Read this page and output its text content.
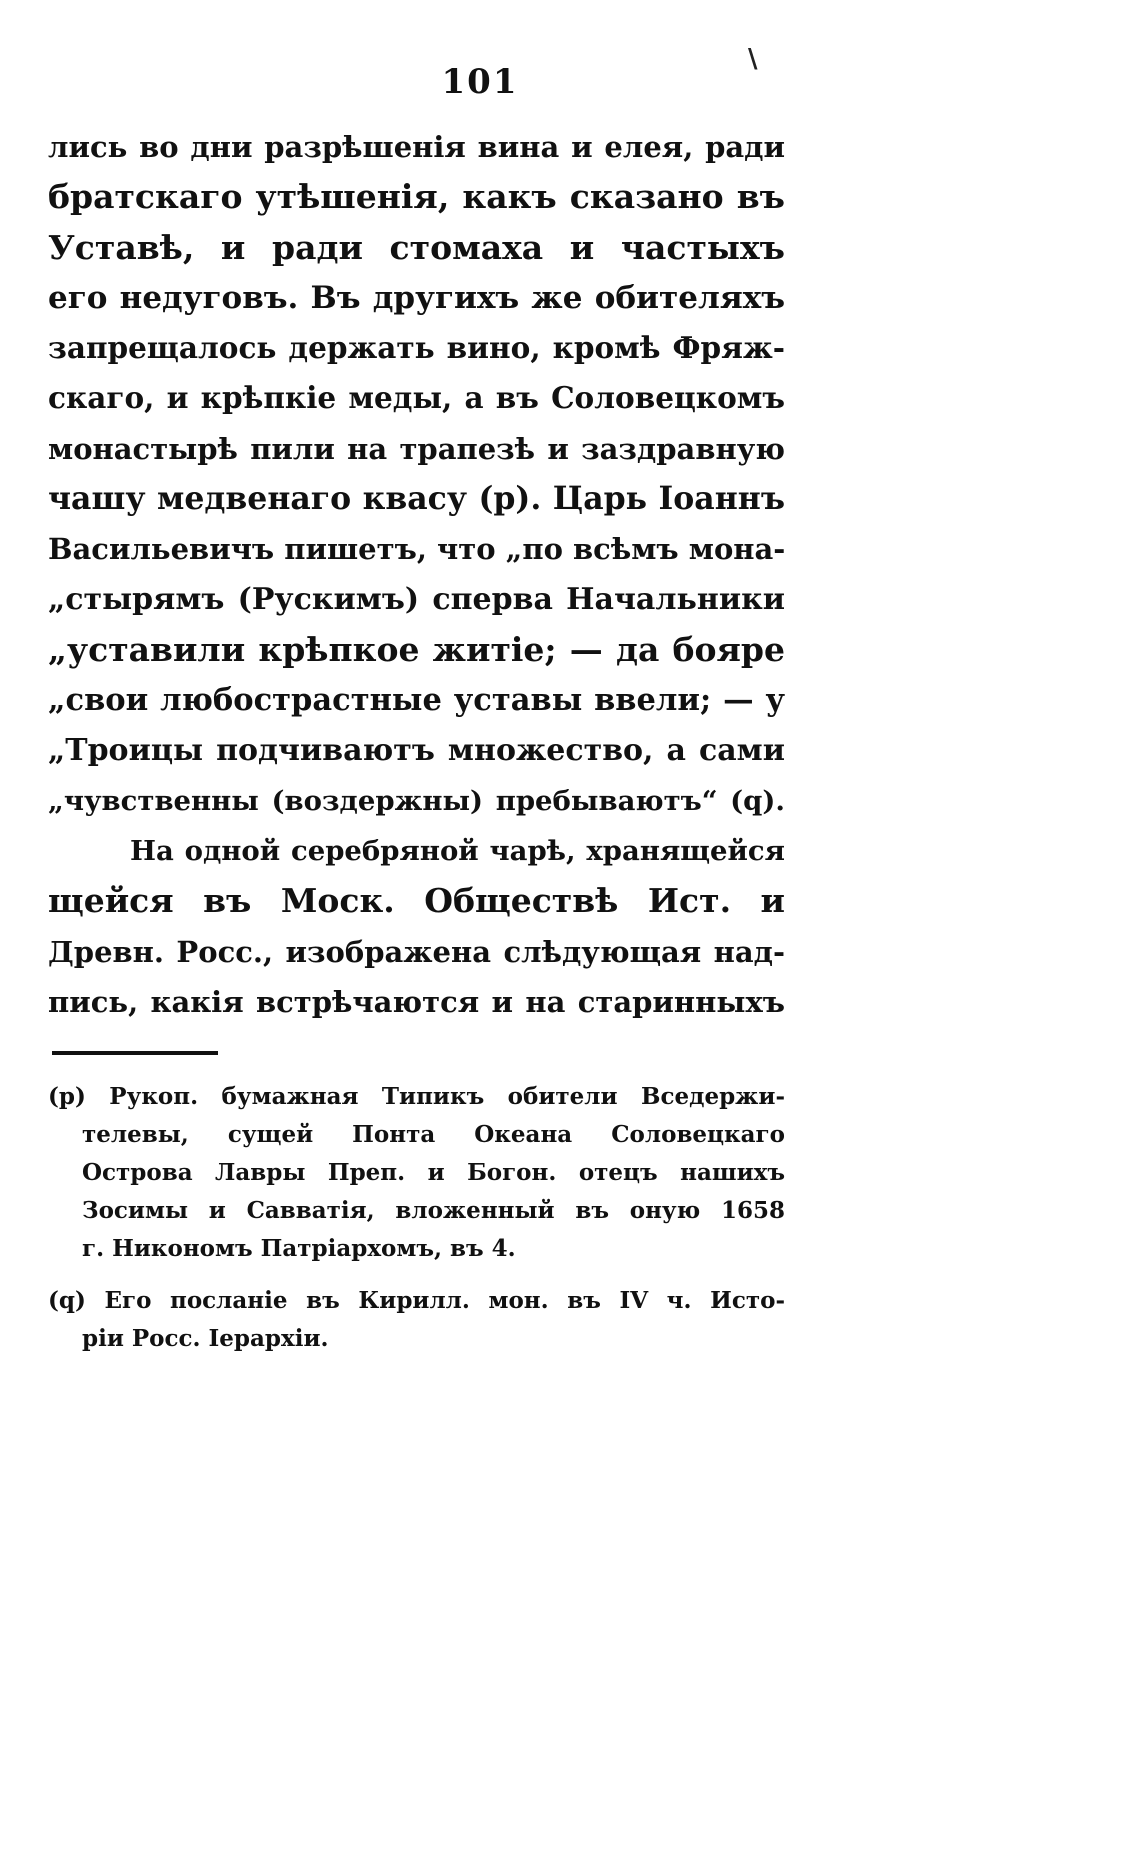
101
\
лись во дни разрѣшенія вина и елея, ради
братскаго утѣшенія, какъ сказано въ
Уставѣ, и ради стомаха и частыхъ
его недуговъ. Въ другихъ же обителяхъ
запрещалось держать вино, кромѣ Фряж-
скаго, и крѣпкіе меды, а въ Соловецкомъ
монастырѣ пили на трапезѣ и заздравную
чашу медвенаго квасу (р). Царь Іоаннъ
Васильевичъ пишетъ, что „по всѣмъ мона-
„стырямъ (Рускимъ) сперва Начальники
„уставили крѣпкое житіе; — да бояре
„свои любострастные уставы ввели; — у
„Троицы подчиваютъ множество, а сами
„чувственны (воздержны) пребываютъ“ (q).
На одной серебряной чарѣ, хранящейся
щейся въ Моск. Обществѣ Ист. и
Древн. Росс., изображена слѣдующая над-
пись, какія встрѣчаются и на старинныхъ
(р) Рукоп. бумажная Типикъ обители Вседержи-
телевы, сущей Понта Океана Соловецкаго
Острова Лавры Преп. и Богон. отецъ нашихъ
Зосимы и Савватія, вложенный въ оную 1658
г. Никономъ Патріархомъ, въ 4.
(q) Его посланіе въ Кирилл. мон. въ IV ч. Исто-
ріи Росс. Іерархіи.
